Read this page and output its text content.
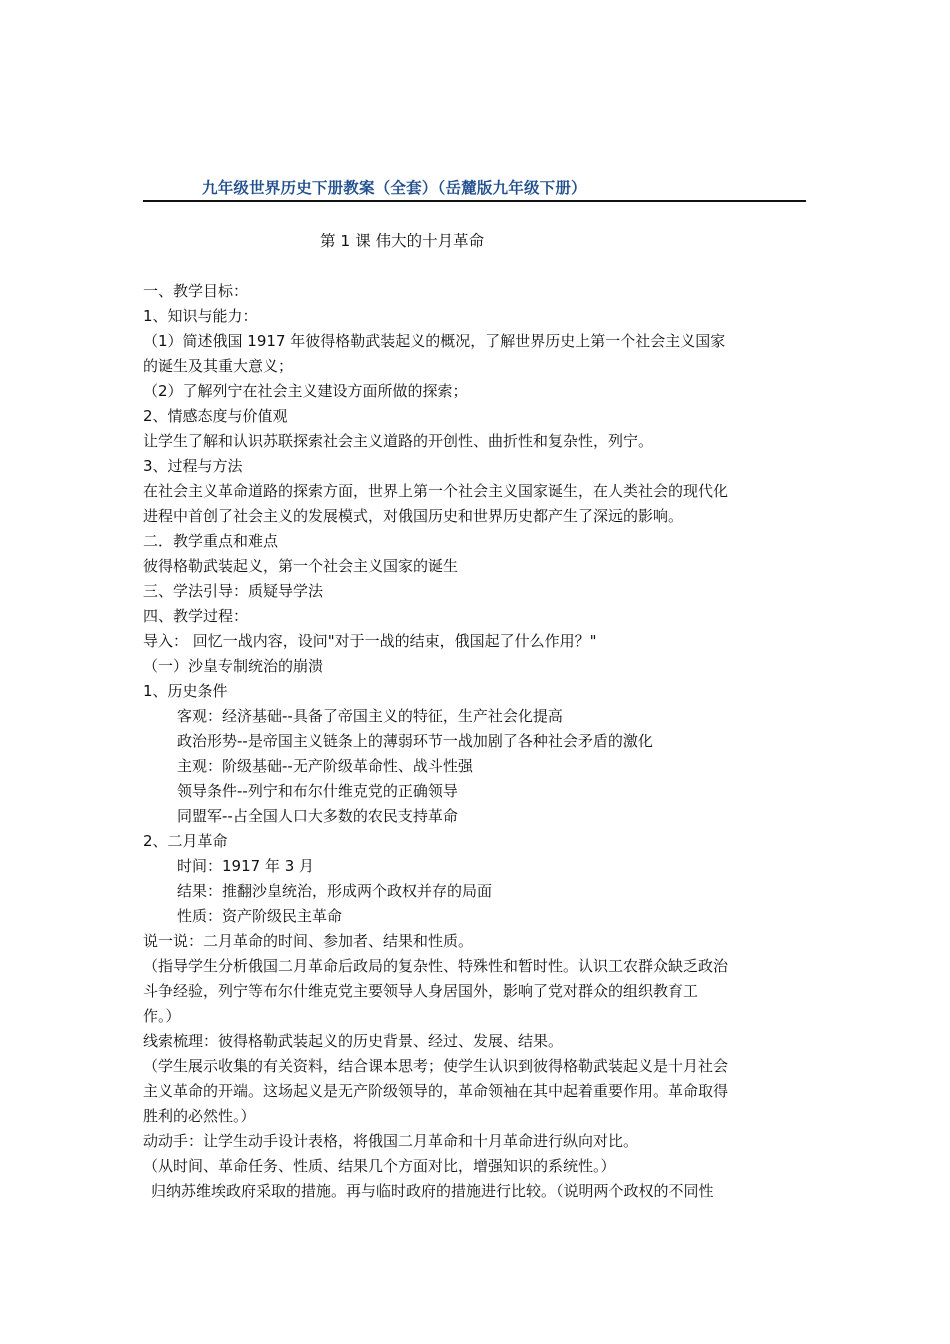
九年级世界历史下册教案（全套）（岳麓版九年级下册）
第 1 课 伟大的十月革命
一、教学目标：
1、知识与能力：
（1）简述俄国 1917 年彼得格勒武装起义的概况，了解世界历史上第一个社会主义国家
的诞生及其重大意义；
（2）了解列宁在社会主义建设方面所做的探索；
2、情感态度与价值观
让学生了解和认识苏联探索社会主义道路的开创性、曲折性和复杂性，列宁。
3、过程与方法
在社会主义革命道路的探索方面，世界上第一个社会主义国家诞生，在人类社会的现代化
进程中首创了社会主义的发展模式，对俄国历史和世界历史都产生了深远的影响。
二．教学重点和难点
彼得格勒武装起义，第一个社会主义国家的诞生
三、学法引导：质疑导学法
四、教学过程：
导入： 回忆一战内容，设问"对于一战的结束，俄国起了什么作用？"
（一）沙皇专制统治的崩溃
1、历史条件
客观：经济基础--具备了帝国主义的特征，生产社会化提高
政治形势--是帝国主义链条上的薄弱环节一战加剧了各种社会矛盾的激化
主观：阶级基础--无产阶级革命性、战斗性强
领导条件--列宁和布尔什维克党的正确领导
同盟军--占全国人口大多数的农民支持革命
2、二月革命
时间：1917 年 3 月
结果：推翻沙皇统治，形成两个政权并存的局面
性质：资产阶级民主革命
说一说：二月革命的时间、参加者、结果和性质。
（指导学生分析俄国二月革命后政局的复杂性、特殊性和暂时性。认识工农群众缺乏政治
斗争经验，列宁等布尔什维克党主要领导人身居国外，影响了党对群众的组织教育工
作。）
线索梳理：彼得格勒武装起义的历史背景、经过、发展、结果。
（学生展示收集的有关资料，结合课本思考；使学生认识到彼得格勒武装起义是十月社会
主义革命的开端。这场起义是无产阶级领导的，革命领袖在其中起着重要作用。革命取得
胜利的必然性。）
动动手：让学生动手设计表格，将俄国二月革命和十月革命进行纵向对比。
（从时间、革命任务、性质、结果几个方面对比，增强知识的系统性。）
归纳苏维埃政府采取的措施。再与临时政府的措施进行比较。（说明两个政权的不同性
